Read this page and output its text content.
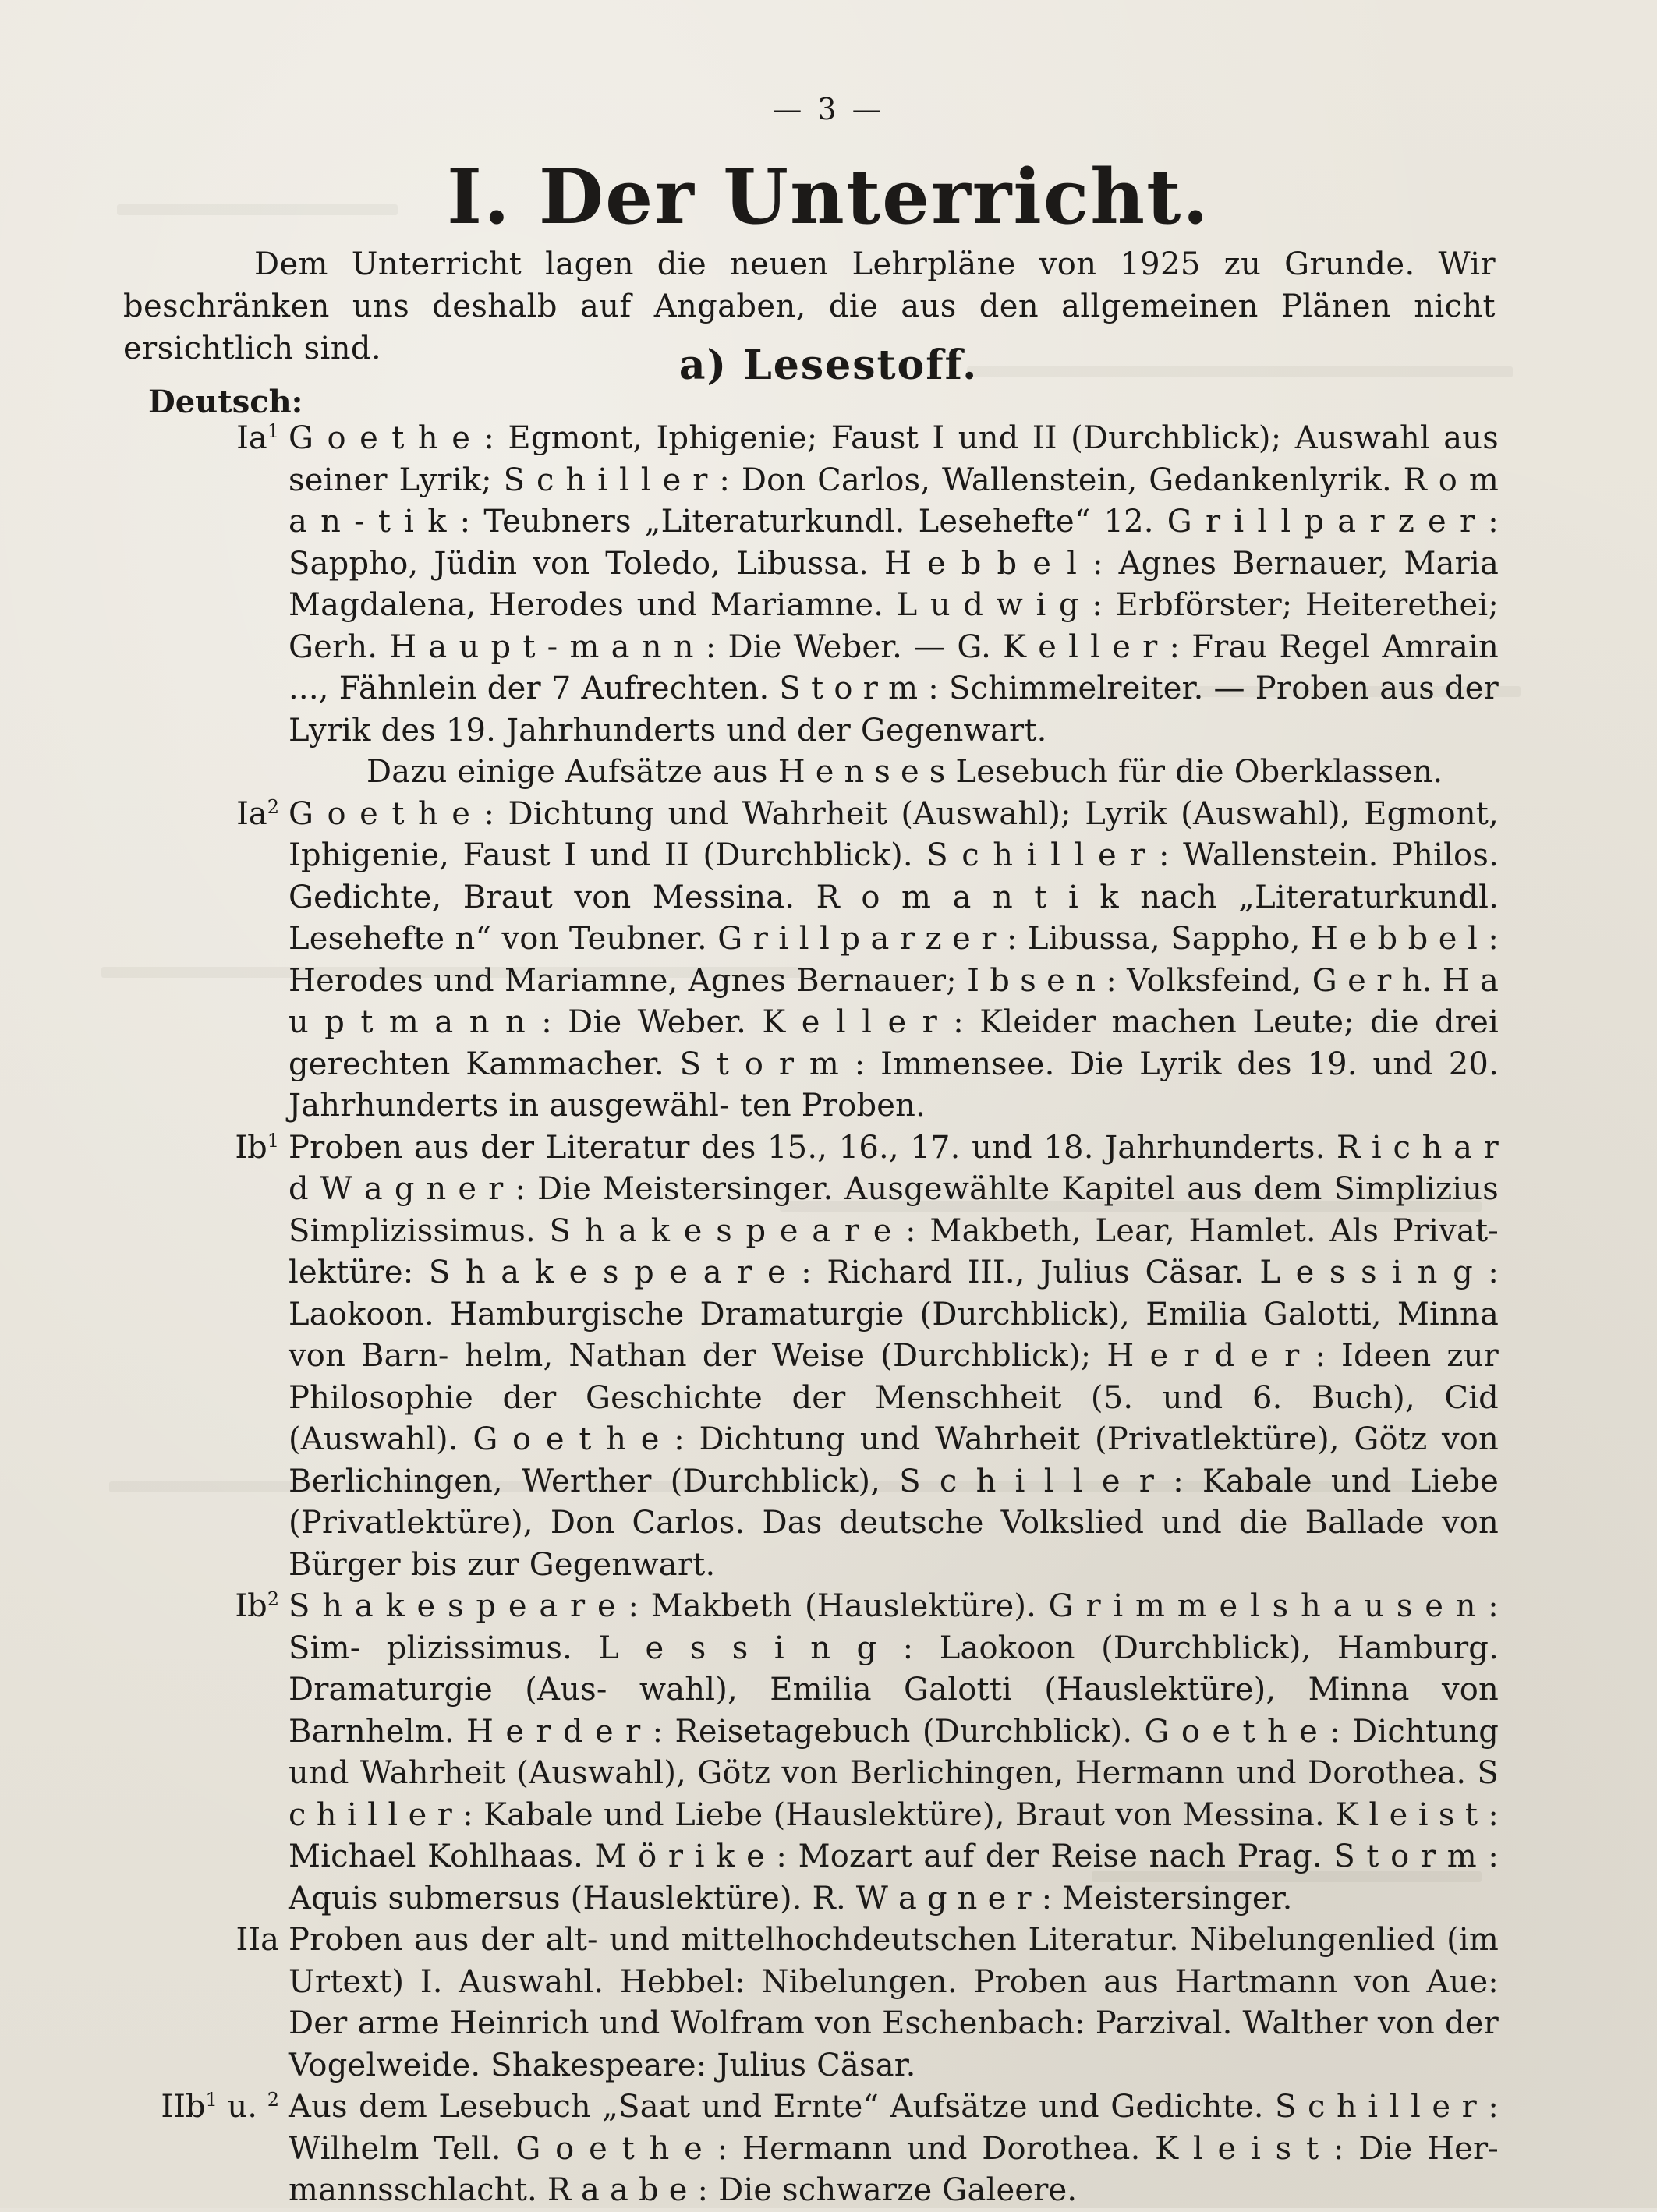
— 3 —
I. Der Unterricht.
Dem Unterricht lagen die neuen Lehrpläne von 1925 zu Grunde. Wir beschränken uns deshalb auf Angaben, die aus den allgemeinen Plänen nicht ersichtlich sind.	a) Lesestoff.
Deutsch:
Ia$^1$ G o e t h e : Egmont, Iphigenie; Faust I und II (Durchblick); Auswahl aus seiner Lyrik; S c h i l l e r : Don Carlos, Wallenstein, Gedankenlyrik. R o m a n - t i k : Teubners „Literaturkundl. Lesehefte“ 12. G r i l l p a r z e r : Sappho, Jüdin von Toledo, Libussa. H e b b e l : Agnes Bernauer, Maria Magdalena, Herodes und Mariamne. L u d w i g : Erbförster; Heiterethei; Gerh. H a u p t - m a n n : Die Weber. — G. K e l l e r : Frau Regel Amrain ..., Fähnlein der 7 Aufrechten. S t o r m : Schimmelreiter. — Proben aus der Lyrik des 19. Jahrhunderts und der Gegenwart.

Dazu einige Aufsätze aus H e n s e s Lesebuch für die Oberklassen.

Ia$^2$ G o e t h e : Dichtung und Wahrheit (Auswahl); Lyrik (Auswahl), Egmont, Iphigenie, Faust I und II (Durchblick). S c h i l l e r : Wallenstein. Philos. Gedichte, Braut von Messina. R o m a n t i k nach „Literaturkundl. Lesehefte n“ von Teubner. G r i l l p a r z e r : Libussa, Sappho, H e b b e l : Herodes und Mariamne, Agnes Bernauer; I b s e n : Volksfeind, G e r h. H a u p t m a n n : Die Weber. K e l l e r : Kleider machen Leute; die drei gerechten Kammacher. S t o r m : Immensee. Die Lyrik des 19. und 20. Jahrhunderts in ausgewähl- ten Proben.

Ib$^1$ Proben aus der Literatur des 15., 16., 17. und 18. Jahrhunderts. R i c h a r d W a g n e r : Die Meistersinger. Ausgewählte Kapitel aus dem Simplizius Simplizissimus. S h a k e s p e a r e : Makbeth, Lear, Hamlet. Als Privat- lektüre: S h a k e s p e a r e : Richard III., Julius Cäsar. L e s s i n g : Laokoon. Hamburgische Dramaturgie (Durchblick), Emilia Galotti, Minna von Barn- helm, Nathan der Weise (Durchblick); H e r d e r : Ideen zur Philosophie der Geschichte der Menschheit (5. und 6. Buch), Cid (Auswahl). G o e t h e : Dichtung und Wahrheit (Privatlektüre), Götz von Berlichingen, Werther (Durchblick), S c h i l l e r : Kabale und Liebe (Privatlektüre), Don Carlos. Das deutsche Volkslied und die Ballade von Bürger bis zur Gegenwart.

Ib$^2$ S h a k e s p e a r e : Makbeth (Hauslektüre). G r i m m e l s h a u s e n : Sim- plizissimus. L e s s i n g : Laokoon (Durchblick), Hamburg. Dramaturgie (Aus- wahl), Emilia Galotti (Hauslektüre), Minna von Barnhelm. H e r d e r : Reisetagebuch (Durchblick). G o e t h e : Dichtung und Wahrheit (Auswahl), Götz von Berlichingen, Hermann und Dorothea. S c h i l l e r : Kabale und Liebe (Hauslektüre), Braut von Messina. K l e i s t : Michael Kohlhaas. M ö r i k e : Mozart auf der Reise nach Prag. S t o r m : Aquis submersus (Hauslektüre). R. W a g n e r : Meistersinger.

IIa Proben aus der alt- und mittelhochdeutschen Literatur. Nibelungenlied (im Urtext) I. Auswahl. Hebbel: Nibelungen. Proben aus Hartmann von Aue: Der arme Heinrich und Wolfram von Eschenbach: Parzival. Walther von der Vogelweide. Shakespeare: Julius Cäsar.

IIb$^1$ u. $^2$ Aus dem Lesebuch „Saat und Ernte“ Aufsätze und Gedichte. S c h i l l e r : Wilhelm Tell. G o e t h e : Hermann und Dorothea. K l e i s t : Die Her- mannsschlacht. R a a b e : Die schwarze Galeere.
